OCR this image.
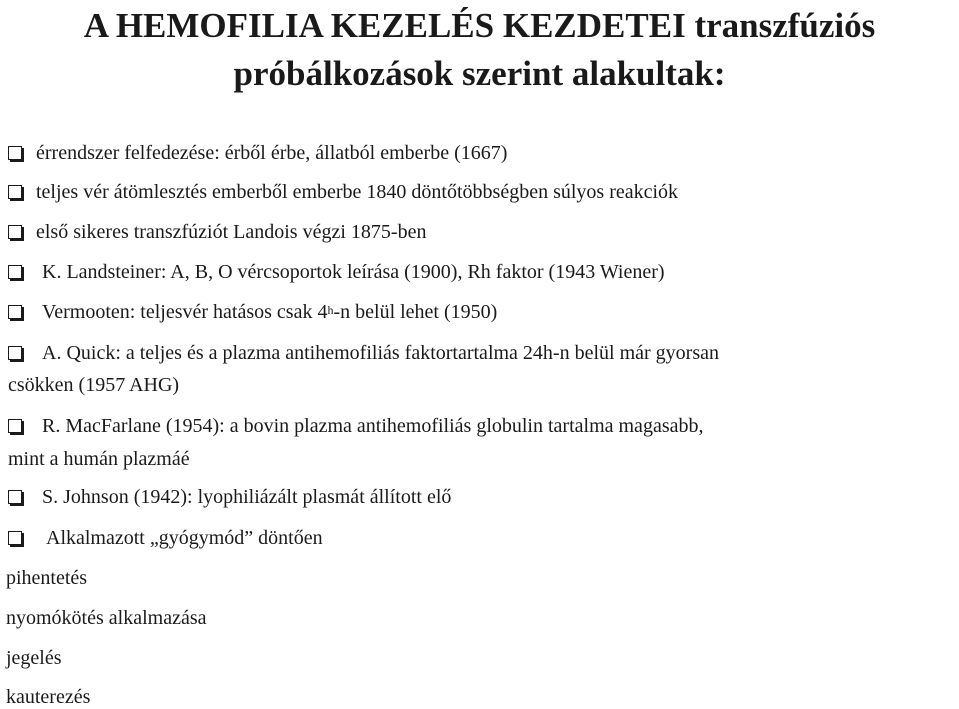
A HEMOFILIA KEZELÉS KEZDETEI transzfúziós
próbálkozások szerint alakultak:
érrendszer felfedezése: érből érbe, állatból emberbe (1667)
teljes vér átömlesztés emberből emberbe 1840 döntőtöbbségben súlyos reakciók
első sikeres transzfúziót Landois végzi 1875-ben
K. Landsteiner: A, B, O vércsoportok leírása (1900), Rh faktor (1943 Wiener)
Vermooten: teljesvér hatásos csak 4$^h$-n belül lehet (1950)
A. Quick: a teljes és a plazma antihemofiliás faktortartalma 24h-n belül már gyorsan
csökken (1957 AHG)
R. MacFarlane (1954): a bovin plazma antihemofiliás globulin tartalma magasabb,
mint a humán plazmáé
S. Johnson (1942): lyophiliázált plasmát állított elő
Alkalmazott „gyógymód” döntően
pihentetés
nyomókötés alkalmazása
jegelés
kauterezés
